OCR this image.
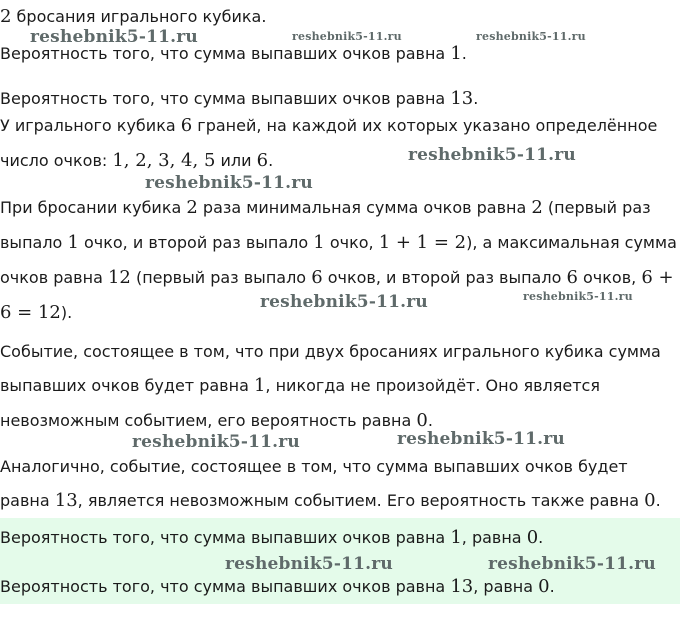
2 бросания игрального кубика.
Вероятность того, что сумма выпавших очков равна 1.
Вероятность того, что сумма выпавших очков равна 13.
У игрального кубика 6 граней, на каждой их которых указано определённое
число очков: 1, 2, 3, 4, 5 или 6.
При бросании кубика 2 раза минимальная сумма очков равна 2 (первый раз
выпало 1 очко, и второй раз выпало 1 очко, 1 + 1 = 2), а максимальная сумма
очков равна 12 (первый раз выпало 6 очков, и второй раз выпало 6 очков, 6 +
6 = 12).
Событие, состоящее в том, что при двух бросаниях игрального кубика сумма
выпавших очков будет равна 1, никогда не произойдёт. Оно является
невозможным событием, его вероятность равна 0.
Аналогично, событие, состоящее в том, что сумма выпавших очков будет
равна 13, является невозможным событием. Его вероятность также равна 0.
Вероятность того, что сумма выпавших очков равна 1, равна 0.
Вероятность того, что сумма выпавших очков равна 13, равна 0.
reshebnik5-11.ru	reshebnik5-11.ru	reshebnik5-11.ru
reshebnik5-11.ru
reshebnik5-11.ru
reshebnik5-11.ru	reshebnik5-11.ru
reshebnik5-11.ru	reshebnik5-11.ru
reshebnik5-11.ru	reshebnik5-11.ru
